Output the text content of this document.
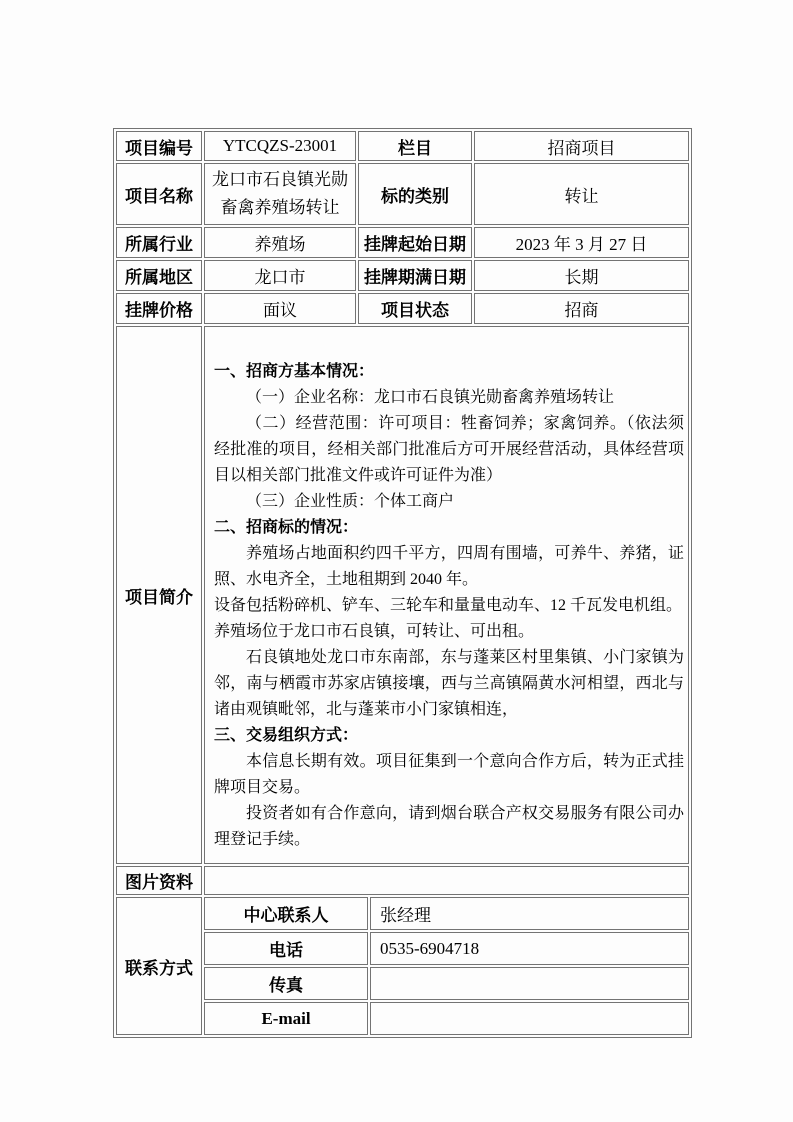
项目编号	YTCQZS-23001	栏目		招商项目
项目名称	龙口市石良镇光勋畜禽养殖场转让	标的类别		转让
所属行业	养殖场	挂牌起始日期		2023 年 3 月 27 日
所属地区	龙口市	挂牌期满日期		长期
挂牌价格	面议	项目状态		招商
项目简介	

一、招商方基本情况：

（一）企业名称：龙口市石良镇光勋畜禽养殖场转让

（二）经营范围：许可项目：牲畜饲养；家禽饲养。（依法须经批准的项目，经相关部门批准后方可开展经营活动，具体经营项目以相关部门批准文件或许可证件为准）

（三）企业性质：个体工商户

二、招商标的情况：

养殖场占地面积约四千平方，四周有围墙，可养牛、养猪，证照、水电齐全，土地租期到 2040 年。

设备包括粉碎机、铲车、三轮车和量量电动车、12 千瓦发电机组。

养殖场位于龙口市石良镇，可转让、可出租。

石良镇地处龙口市东南部，东与蓬莱区村里集镇、小门家镇为邻，南与栖霞市苏家店镇接壤，西与兰高镇隔黄水河相望，西北与诸由观镇毗邻，北与蓬莱市小门家镇相连，

三、交易组织方式：

本信息长期有效。项目征集到一个意向合作方后，转为正式挂牌项目交易。

投资者如有合作意向，请到烟台联合产权交易服务有限公司办理登记手续。

图片资料				
联系方式	中心联系人		张经理	
	电话		0535-6904718	
	传真			
	E-mail			
